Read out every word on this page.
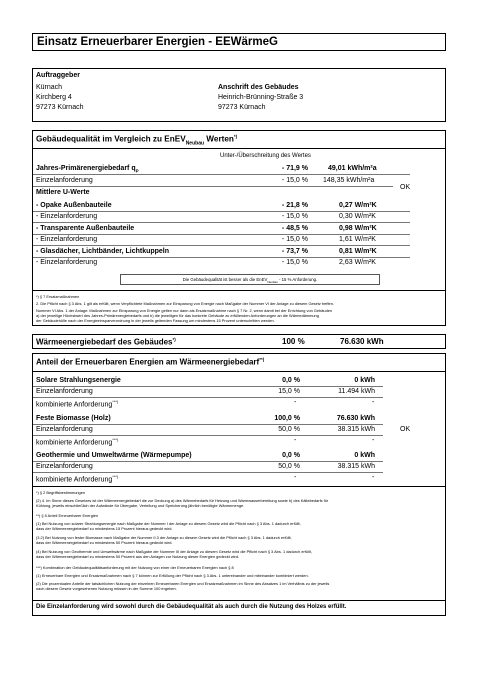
Einsatz Erneuerbarer Energien - EEWärmeG
Auftraggeber
Kürnach
Kirchberg 4
97273 Kürnach
Anschrift des Gebäudes
Heinrich-Brünning-Straße 3
97273 Kürnach
Gebäudequalität im Vergleich zu EnEV$_{Neubau}$ Werten*)
Unter-/Überschreitung des Wertes
Jahres-Primärenergiebedarf $q_P$	- 71,9 %	49,01 kWh/m²a
Einzelanforderung	- 15,0 % 148,35 kWh/m²a
OK
Mittlere U-Werte
- Opake Außenbauteile	- 21,8 %	0,27 W/m²K
- Einzelanforderung	- 15,0 %	0,30 W/m²K
- Transparente Außenbauteile	- 48,5 %	0,98 W/m²K
- Einzelanforderung	- 15,0 %	1,61 W/m²K
- Glasdächer, Lichtbänder, Lichtkuppeln	- 73,7 %	0,81 W/m²K
- Einzelanforderung	- 15,0 %	2,63 W/m²K
Die Gebäudequalität ist besser als die EnEV$_{Neubau}$ - 15 % Anforderung.
*) § 7 Ersatzmaßnahmen
2. Die Pflicht nach § 3 Abs. 1 gilt als erfüllt, wenn Verpflichtete Maßnahmen zur Einsparung von Energie nach Maßgabe der Nummer VI der Anlage zu diesem Gesetz treffen.
Nummer VI Abs. 1 der Anlage: Maßnahmen zur Einsparung von Energie gelten nur dann als Ersatzmaßnahme nach § 7 Nr. 2, wenn damit bei der Errichtung von Gebäuden
a) der jeweilige Höchstwert des Jahres-Primärenergiebedarfs und b) die jeweiligen für das konkrete Gebäude zu erfüllenden Anforderungen an die Wärmedämmung
der Gebäudehülle nach der Energieeinsparverordnung in der jeweils geltenden Fassung um mindestens 15 Prozent unterschritten werden.
Wärmeenergiebedarf des Gebäudes*)	100 %	76.630 kWh
Anteil der Erneuerbaren Energien am Wärmeenergiebedarf**)
Solare Strahlungsenergie	0,0 %	0 kWh
Einzelanforderung	15,0 %	11.494 kWh
kombinierte Anforderung***)	-	-
Feste Biomasse (Holz)	100,0 %	76.630 kWh
Einzelanforderung	50,0 %	38.315 kWh	OK
kombinierte Anforderung***)	-	-
Geothermie und Umweltwärme (Wärmepumpe)	0,0 %	0 kWh
Einzelanforderung	50,0 %	38.315 kWh
kombinierte Anforderung***)	-	-
*) § 2 Begriffsbestimmungen
(2) 4. Im Sinne dieses Gesetzes ist der Wärmeenergiebedarf die zur Deckung a) des Wärmebedarfs für Heizung und Warmwasserbereitung sowie b) des Kältebedarfs für
Kühlung, jeweils einschließlich der Aufwände für Übergabe, Verteilung und Speicherung jährlich benötigte Wärmemenge.
**) § 5 Anteil Erneuerbarer Energien
(1) Bei Nutzung von solarer Strahlungsenergie nach Maßgabe der Nummer I der Anlage zu diesem Gesetz wird die Pflicht nach § 3 Abs. 1 dadurch erfüllt,
dass der Wärmeenergiebedarf zu mindestens 15 Prozent hieraus gedeckt wird.
(3.2) Bei Nutzung von fester Biomasse nach Maßgabe der Nummer II.3 der Anlage zu diesem Gesetz wird die Pflicht nach § 3 Abs. 1 dadurch erfüllt,
dass der Wärmeenergiebedarf zu mindestens 50 Prozent hieraus gedeckt wird.
(4) Bei Nutzung von Geothermie und Umweltwärme nach Maßgabe der Nummer III der Anlage zu diesem Gesetz wird die Pflicht nach § 3 Abs. 1 dadurch erfüllt,
dass der Wärmeenergiebedarf zu mindestens 50 Prozent aus den Anlagen zur Nutzung dieser Energien gedeckt wird.
***) Kombination der Gebäudequalitätsanforderung mit der Nutzung von einer der Erneuerbaren Energien nach § 8
(1) Erneuerbare Energien und Ersatzmaßnahmen nach § 7 können zur Erfüllung der Pflicht nach § 3 Abs. 1 untereinander und miteinander kombiniert werden.
(2) Die prozentualen Anteile der tatsächlichen Nutzung der einzelnen Erneuerbaren Energien und Ersatzmaßnahmen im Sinne des Absatzes 1 im Verhältnis zu der jeweils
nach diesem Gesetz vorgesehenen Nutzung müssen in der Summe 100 ergeben.
Die Einzelanforderung wird sowohl durch die Gebäudequalität als auch durch die Nutzung des Holzes erfüllt.
